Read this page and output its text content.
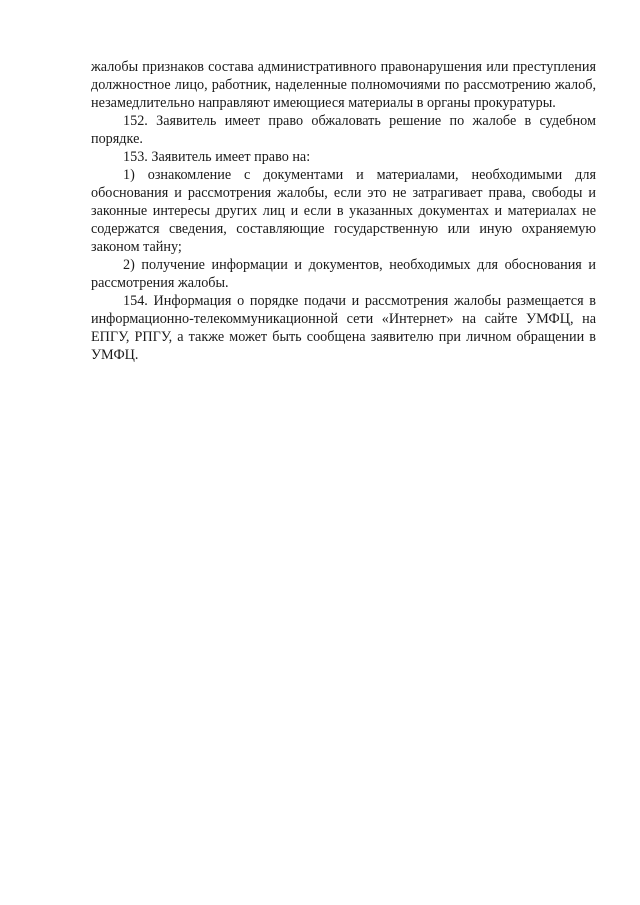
жалобы признаков состава административного правонарушения или преступления должностное лицо, работник, наделенные полномочиями по рассмотрению жалоб, незамедлительно направляют имеющиеся материалы в органы прокуратуры.

152. Заявитель имеет право обжаловать решение по жалобе в судебном порядке.

153. Заявитель имеет право на:

1) ознакомление с документами и материалами, необходимыми для обоснования и рассмотрения жалобы, если это не затрагивает права, свободы и законные интересы других лиц и если в указанных документах и материалах не содержатся сведения, составляющие государственную или иную охраняемую законом тайну;

2) получение информации и документов, необходимых для обоснования и рассмотрения жалобы.

154. Информация о порядке подачи и рассмотрения жалобы размещается в информационно-телекоммуникационной сети «Интернет» на сайте УМФЦ, на ЕПГУ, РПГУ, а также может быть сообщена заявителю при личном обращении в УМФЦ.
